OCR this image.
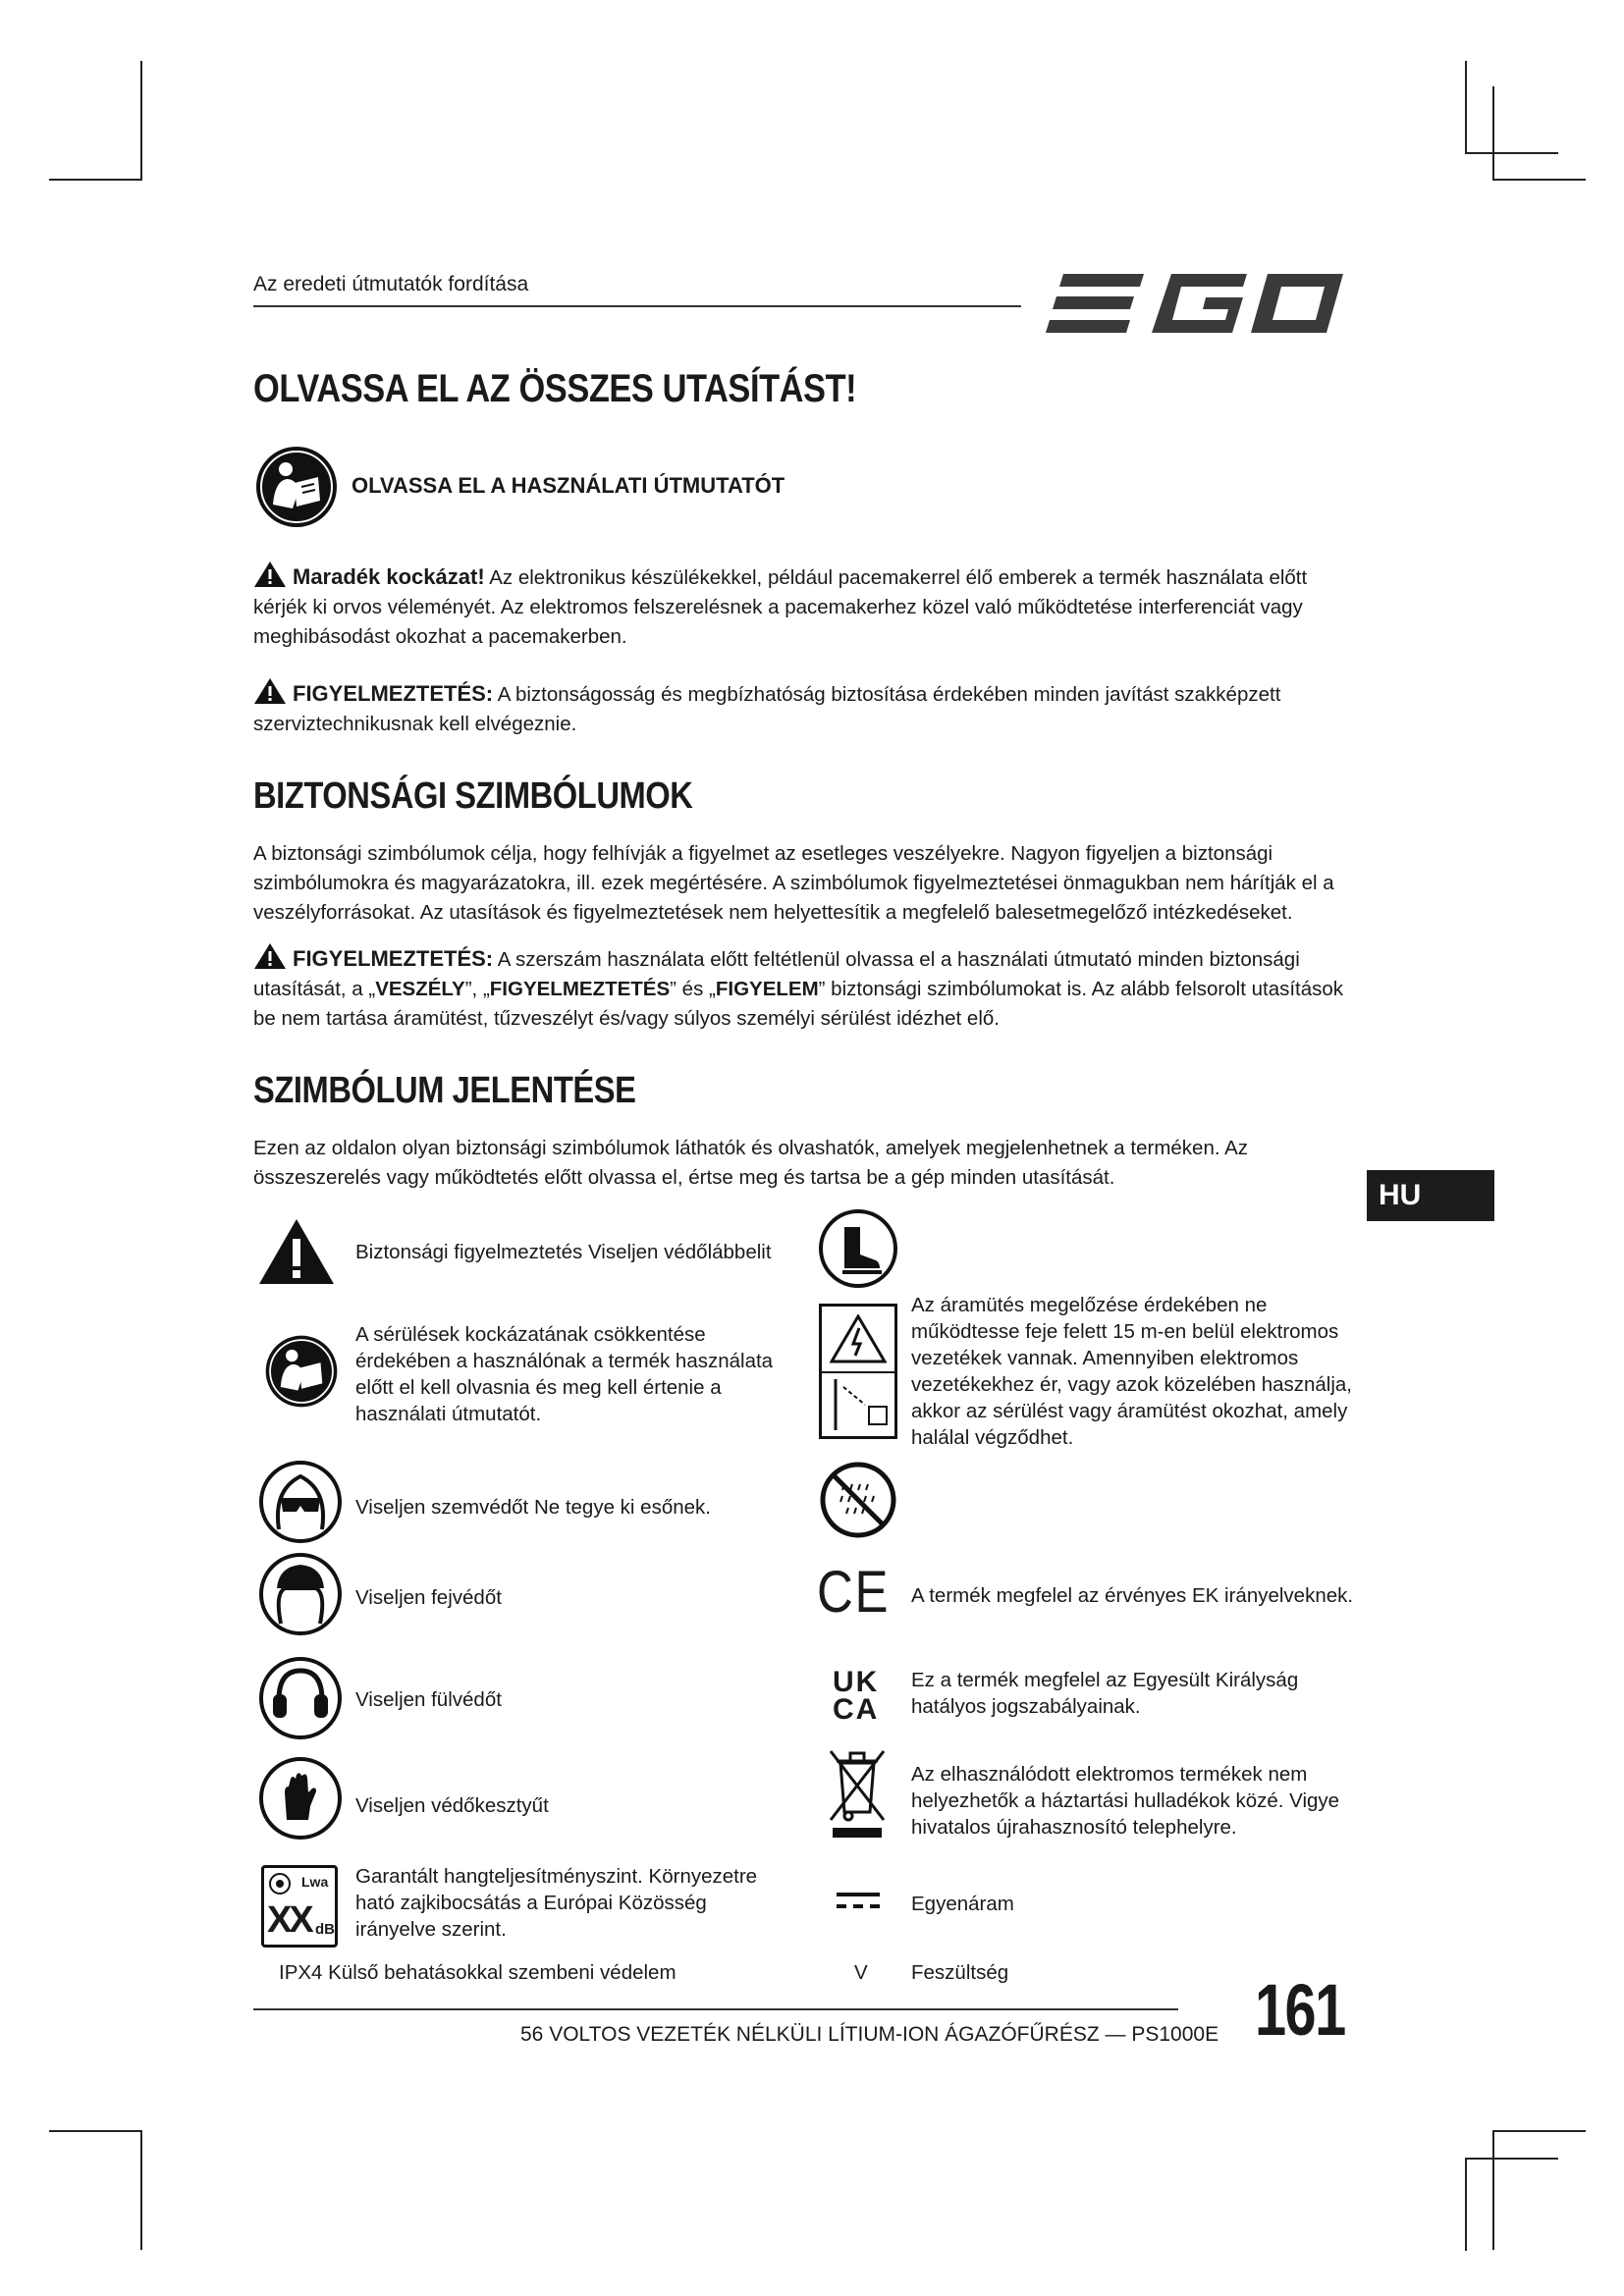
Az eredeti útmutatók fordítása
OLVASSA EL AZ ÖSSZES UTASÍTÁST!
OLVASSA EL A HASZNÁLATI ÚTMUTATÓT
Maradék kockázat! Az elektronikus készülékekkel, például pacemakerrel élő emberek a termék használata előtt kérjék ki orvos véleményét. Az elektromos felszerelésnek a pacemakerhez közel való működtetése interferenciát vagy meghibásodást okozhat a pacemakerben.
FIGYELMEZTETÉS: A biztonságosság és megbízhatóság biztosítása érdekében minden javítást szakképzett szerviztechnikusnak kell elvégeznie.
BIZTONSÁGI SZIMBÓLUMOK
A biztonsági szimbólumok célja, hogy felhívják a figyelmet az esetleges veszélyekre. Nagyon figyeljen a biztonsági szimbólumokra és magyarázatokra, ill. ezek megértésére. A szimbólumok figyelmeztetései önmagukban nem hárítják el a veszélyforrásokat. Az utasítások és figyelmeztetések nem helyettesítik a megfelelő balesetmegelőző intézkedéseket.
FIGYELMEZTETÉS: A szerszám használata előtt feltétlenül olvassa el a használati útmutató minden biztonsági utasítását, a „VESZÉLY”, „FIGYELMEZTETÉS” és „FIGYELEM” biztonsági szimbólumokat is. Az alább felsorolt utasítások be nem tartása áramütést, tűzveszélyt és/vagy súlyos személyi sérülést idézhet elő.
SZIMBÓLUM JELENTÉSE
Ezen az oldalon olyan biztonsági szimbólumok láthatók és olvashatók, amelyek megjelenhetnek a terméken. Az összeszerelés vagy működtetés előtt olvassa el, értse meg és tartsa be a gép minden utasítását.
HU
Biztonsági figyelmeztetés Viseljen védőlábbelit
A sérülések kockázatának csökkentése érdekében a használónak a termék használata előtt el kell olvasnia és meg kell értenie a használati útmutatót.
Viseljen szemvédőt Ne tegye ki esőnek.
Viseljen fejvédőt
Viseljen fülvédőt
Viseljen védőkesztyűt
Lwa
XX dB
Garantált hangteljesítményszint. Környezetre ható zajkibocsátás a Európai Közösség irányelve szerint.
IPX4 Külső behatásokkal szembeni védelem
Az áramütés megelőzése érdekében ne működtesse feje felett 15 m-en belül elektromos vezetékek vannak. Amennyiben elektromos vezetékekhez ér, vagy azok közelében használja, akkor az sérülést vagy áramütést okozhat, amely halálal végződhet.
CE A termék megfelel az érvényes EK irányelveknek.
UK
CA
Ez a termék megfelel az Egyesült Királyság hatályos jogszabályainak.
Az elhasználódott elektromos termékek nem helyezhetők a háztartási hulladékok közé. Vigye hivatalos újrahasznosító telephelyre.
Egyenáram
V Feszültség
56 VOLTOS VEZETÉK NÉLKÜLI LÍTIUM-ION ÁGAZÓFŰRÉSZ — PS1000E 161
